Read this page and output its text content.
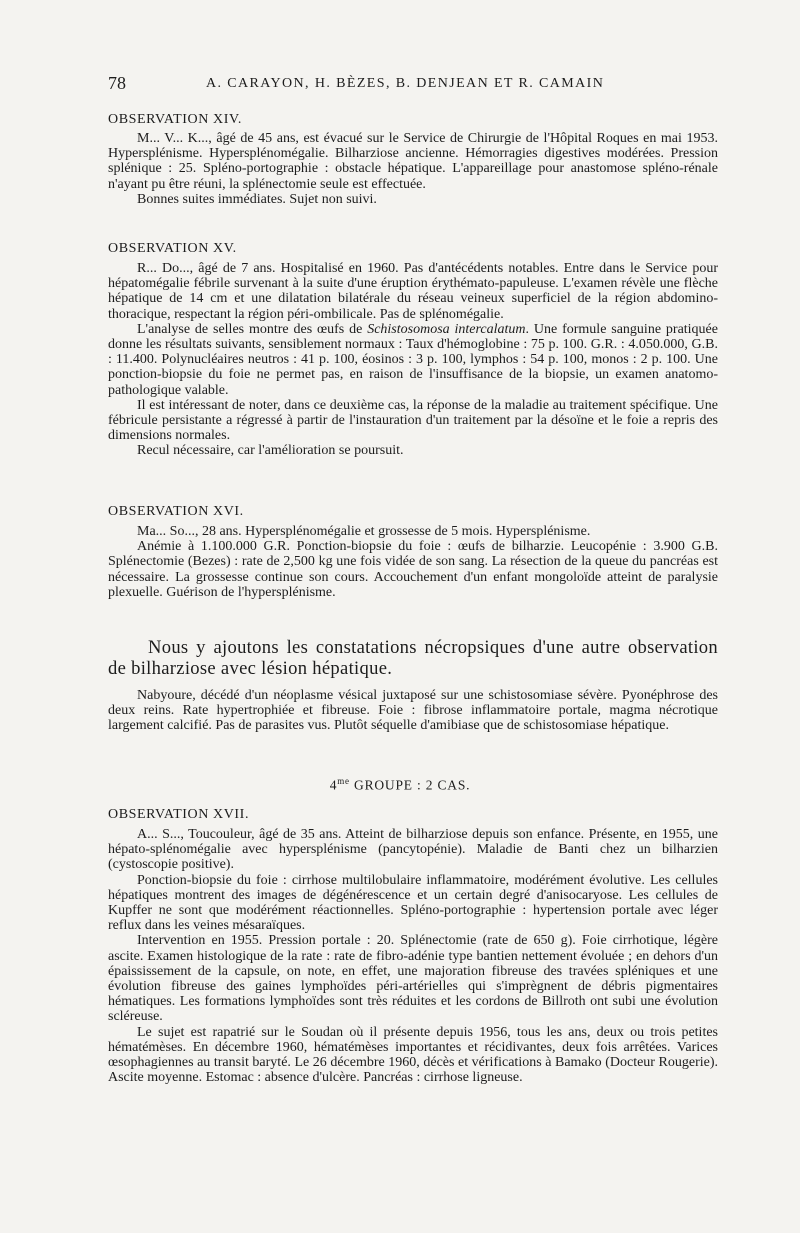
78	A. CARAYON, H. BÈZES, B. DENJEAN ET R. CAMAIN
OBSERVATION XIV.

M... V... K..., âgé de 45 ans, est évacué sur le Service de Chirurgie de l'Hôpital Roques en mai 1953. Hypersplénisme. Hypersplénomégalie. Bilharziose ancienne. Hémorragies digestives modérées. Pression splénique : 25. Spléno-portographie : obstacle hépatique. L'appareillage pour anastomose spléno-rénale n'ayant pu être réuni, la splénectomie seule est effectuée.

Bonnes suites immédiates. Sujet non suivi.

OBSERVATION XV.

R... Do..., âgé de 7 ans. Hospitalisé en 1960. Pas d'antécédents notables. Entre dans le Service pour hépatomégalie fébrile survenant à la suite d'une éruption érythémato-papuleuse. L'examen révèle une flèche hépatique de 14 cm et une dilatation bilatérale du réseau veineux superficiel de la région abdomino-thoracique, respectant la région péri-ombilicale. Pas de splénomégalie.

L'analyse de selles montre des œufs de Schistosomosa intercalatum. Une formule sanguine pratiquée donne les résultats suivants, sensiblement normaux : Taux d'hémoglobine : 75 p. 100. G.R. : 4.050.000, G.B. : 11.400. Polynucléaires neutros : 41 p. 100, éosinos : 3 p. 100, lymphos : 54 p. 100, monos : 2 p. 100. Une ponction-biopsie du foie ne permet pas, en raison de l'insuffisance de la biopsie, un examen anatomo-pathologique valable.

Il est intéressant de noter, dans ce deuxième cas, la réponse de la maladie au traitement spécifique. Une fébricule persistante a régressé à partir de l'instauration d'un traitement par la désoïne et le foie a repris des dimensions normales.

Recul nécessaire, car l'amélioration se poursuit.

OBSERVATION XVI.

Ma... So..., 28 ans. Hypersplénomégalie et grossesse de 5 mois. Hypersplénisme.

Anémie à 1.100.000 G.R. Ponction-biopsie du foie : œufs de bilharzie. Leucopénie : 3.900 G.B. Splénectomie (Bezes) : rate de 2,500 kg une fois vidée de son sang. La résection de la queue du pancréas est nécessaire. La grossesse continue son cours. Accouchement d'un enfant mongoloïde atteint de paralysie plexuelle. Guérison de l'hypersplénisme.

Nous y ajoutons les constatations nécropsiques d'une autre observation de bilharziose avec lésion hépatique.

Nabyoure, décédé d'un néoplasme vésical juxtaposé sur une schistosomiase sévère. Pyonéphrose des deux reins. Rate hypertrophiée et fibreuse. Foie : fibrose inflammatoire portale, magma nécrotique largement calcifié. Pas de parasites vus. Plutôt séquelle d'amibiase que de schistosomiase hépatique.

$4^{me}$ GROUPE : 2 CAS.
OBSERVATION XVII.

A... S..., Toucouleur, âgé de 35 ans. Atteint de bilharziose depuis son enfance. Présente, en 1955, une hépato-splénomégalie avec hypersplénisme (pancytopénie). Maladie de Banti chez un bilharzien (cystoscopie positive).

Ponction-biopsie du foie : cirrhose multilobulaire inflammatoire, modérément évolutive. Les cellules hépatiques montrent des images de dégénérescence et un certain degré d'anisocaryose. Les cellules de Kupffer ne sont que modérément réactionnelles. Spléno-portographie : hypertension portale avec léger reflux dans les veines mésaraïques.

Intervention en 1955. Pression portale : 20. Splénectomie (rate de 650 g). Foie cirrhotique, légère ascite. Examen histologique de la rate : rate de fibro-adénie type bantien nettement évoluée ; en dehors d'un épaississement de la capsule, on note, en effet, une majoration fibreuse des travées spléniques et une évolution fibreuse des gaines lymphoïdes péri-artérielles qui s'imprègnent de débris pigmentaires hématiques. Les formations lymphoïdes sont très réduites et les cordons de Billroth ont subi une évolution scléreuse.

Le sujet est rapatrié sur le Soudan où il présente depuis 1956, tous les ans, deux ou trois petites hématémèses. En décembre 1960, hématémèses importantes et récidivantes, deux fois arrêtées. Varices œsophagiennes au transit baryté. Le 26 décembre 1960, décès et vérifications à Bamako (Docteur Rougerie). Ascite moyenne. Estomac : absence d'ulcère. Pancréas : cirrhose ligneuse.
